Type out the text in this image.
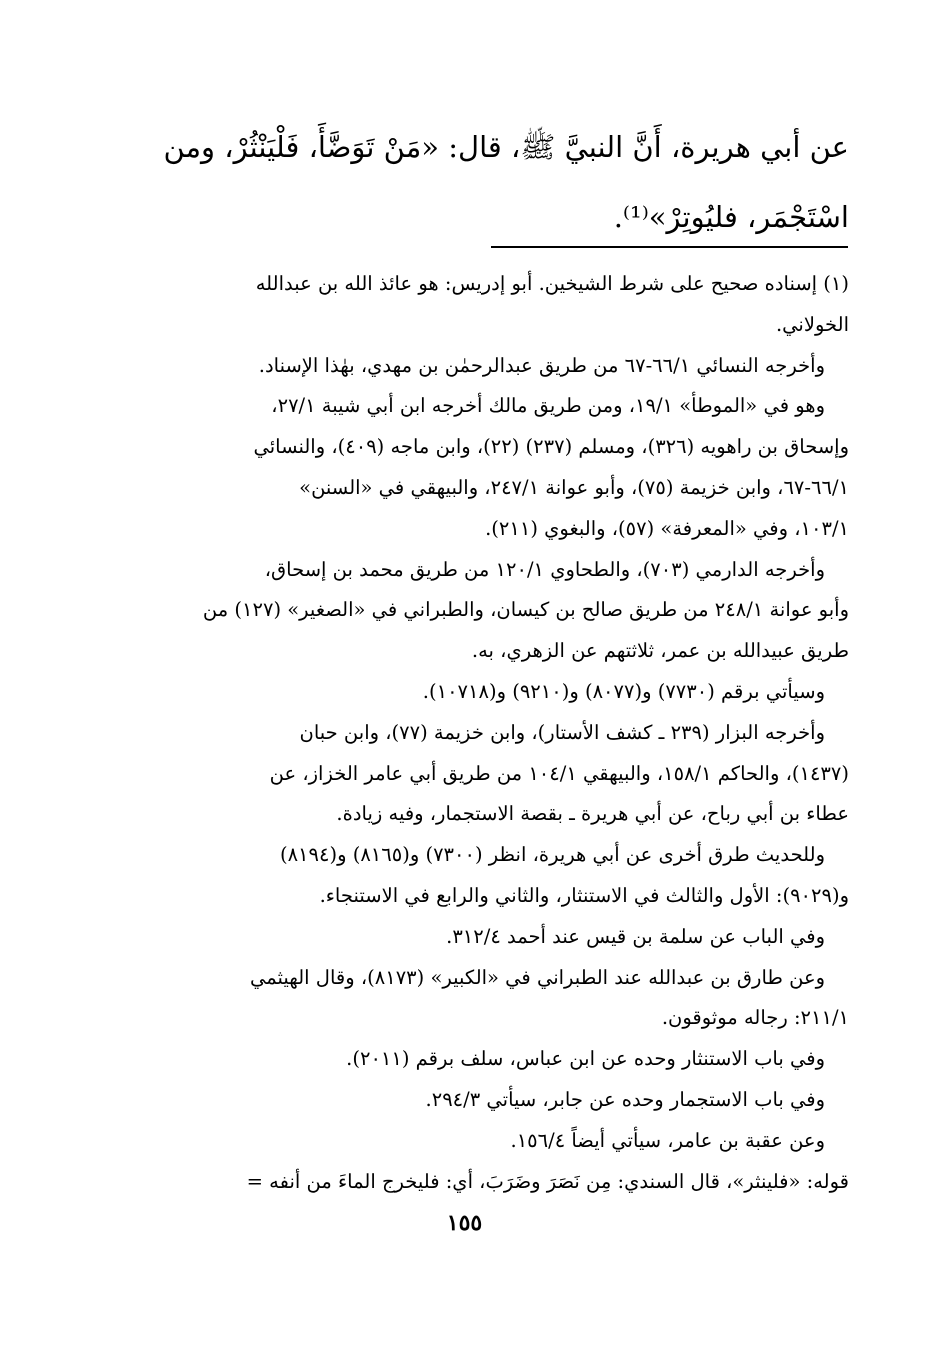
عن أبي هريرة، أَنَّ النبيَّ ﷺ، قال: «مَنْ تَوَضَّأَ، فَلْيَنْثُرْ، ومن
اسْتَجْمَر، فليُوتِرْ»⁽¹⁾.
(١) إسناده صحيح على شرط الشيخين. أبو إدريس: هو عائذ الله بن عبدالله
الخولاني.
وأخرجه النسائي ٦٦/١-٦٧ من طريق عبدالرحمٰن بن مهدي، بهٰذا الإسناد.
وهو في «الموطأ» ١٩/١، ومن طريق مالك أخرجه ابن أبي شيبة ٢٧/١،
وإسحاق بن راهويه (٣٢٦)، ومسلم (٢٣٧) (٢٢)، وابن ماجه (٤٠٩)، والنسائي
٦٦/١-٦٧، وابن خزيمة (٧٥)، وأبو عوانة ٢٤٧/١، والبيهقي في «السنن»
١٠٣/١، وفي «المعرفة» (٥٧)، والبغوي (٢١١).
وأخرجه الدارمي (٧٠٣)، والطحاوي ١٢٠/١ من طريق محمد بن إسحاق،
وأبو عوانة ٢٤٨/١ من طريق صالح بن كيسان، والطبراني في «الصغير» (١٢٧) من
طريق عبيدالله بن عمر، ثلاثتهم عن الزهري، به.
وسيأتي برقم (٧٧٣٠) و(٨٠٧٧) و(٩٢١٠) و(١٠٧١٨).
وأخرجه البزار (٢٣٩ ـ كشف الأستار)، وابن خزيمة (٧٧)، وابن حبان
(١٤٣٧)، والحاكم ١٥٨/١، والبيهقي ١٠٤/١ من طريق أبي عامر الخزاز، عن
عطاء بن أبي رباح، عن أبي هريرة ـ بقصة الاستجمار، وفيه زيادة.
وللحديث طرق أخرى عن أبي هريرة، انظر (٧٣٠٠) و(٨١٦٥) و(٨١٩٤)
و(٩٠٢٩): الأول والثالث في الاستنثار، والثاني والرابع في الاستنجاء.
وفي الباب عن سلمة بن قيس عند أحمد ٣١٢/٤.
وعن طارق بن عبدالله عند الطبراني في «الكبير» (٨١٧٣)، وقال الهيثمي
٢١١/١: رجاله موثوقون.
وفي باب الاستنثار وحده عن ابن عباس، سلف برقم (٢٠١١).
وفي باب الاستجمار وحده عن جابر، سيأتي ٢٩٤/٣.
وعن عقبة بن عامر، سيأتي أيضاً ١٥٦/٤.
قوله: «فلينثر»، قال السندي: مِن نَصَرَ وضَرَبَ، أي: فليخرج الماءَ من أنفه =
١٥٥
